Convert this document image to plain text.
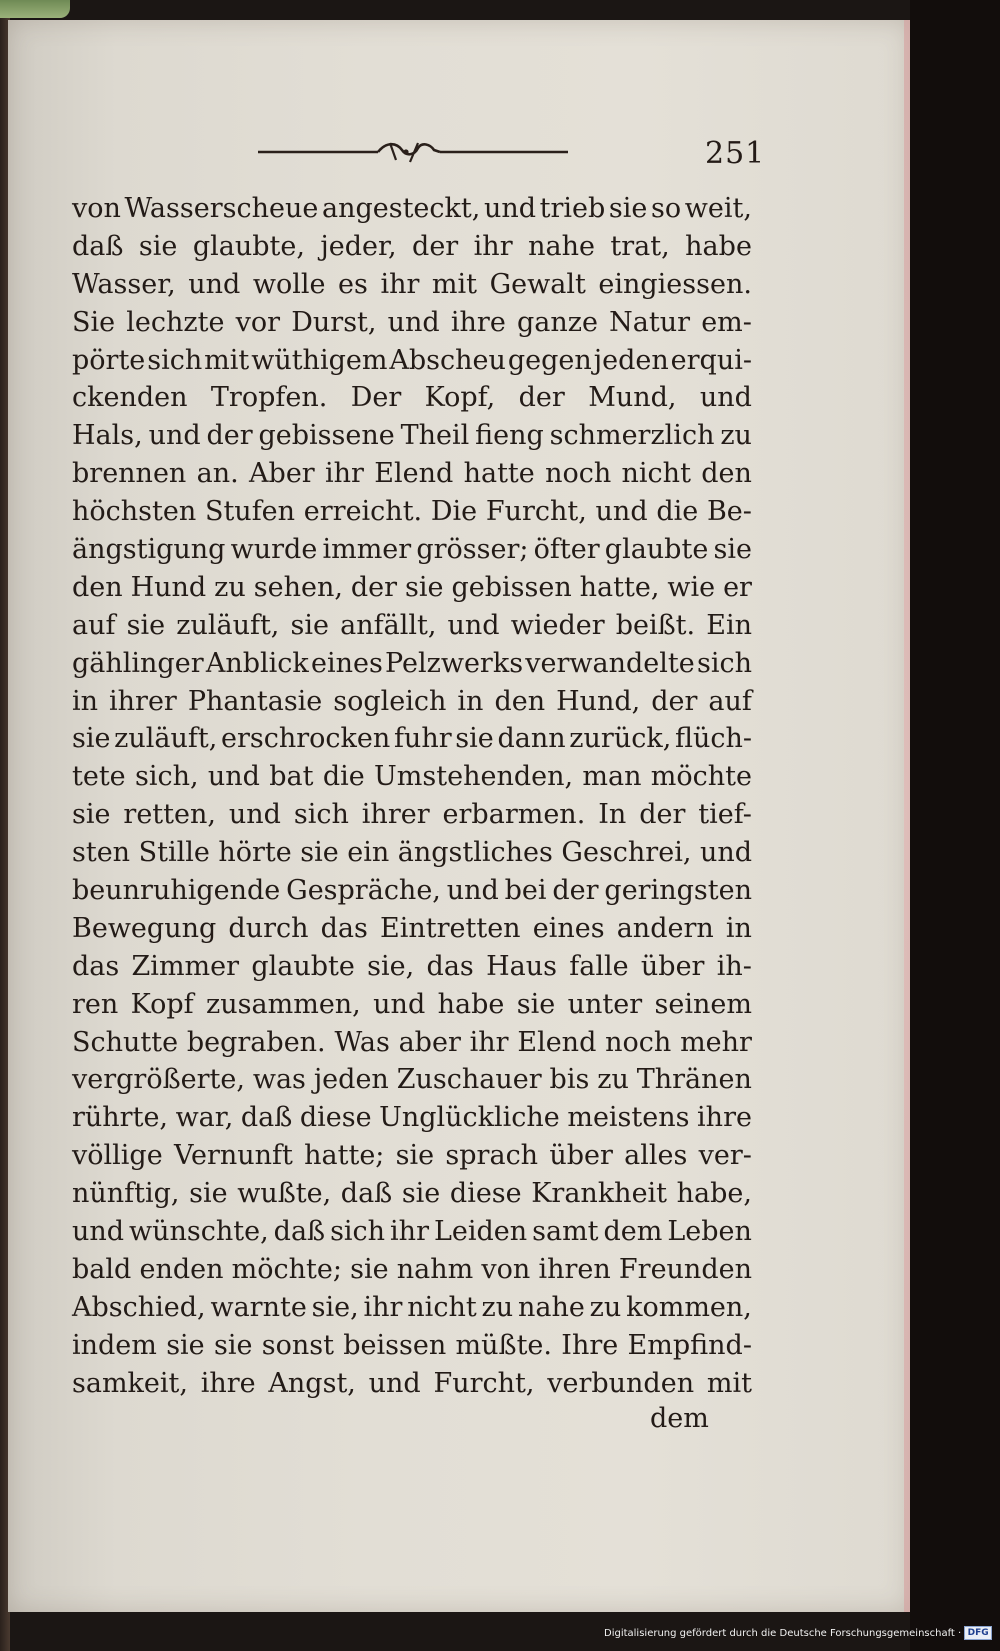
251
von Wasserscheue angesteckt, und trieb sie so weit,
daß sie glaubte, jeder, der ihr nahe trat, habe
Wasser, und wolle es ihr mit Gewalt eingiessen.
Sie lechzte vor Durst, und ihre ganze Natur em-
pörte sich mit wüthigem Abscheu gegen jeden erqui-
ckenden Tropfen. Der Kopf, der Mund, und
Hals, und der gebissene Theil fieng schmerzlich zu
brennen an. Aber ihr Elend hatte noch nicht den
höchsten Stufen erreicht. Die Furcht, und die Be-
ängstigung wurde immer grösser; öfter glaubte sie
den Hund zu sehen, der sie gebissen hatte, wie er
auf sie zuläuft, sie anfällt, und wieder beißt. Ein
gählinger Anblick eines Pelzwerks verwandelte sich
in ihrer Phantasie sogleich in den Hund, der auf
sie zuläuft, erschrocken fuhr sie dann zurück, flüch-
tete sich, und bat die Umstehenden, man möchte
sie retten, und sich ihrer erbarmen. In der tief-
sten Stille hörte sie ein ängstliches Geschrei, und
beunruhigende Gespräche, und bei der geringsten
Bewegung durch das Eintretten eines andern in
das Zimmer glaubte sie, das Haus falle über ih-
ren Kopf zusammen, und habe sie unter seinem
Schutte begraben. Was aber ihr Elend noch mehr
vergrößerte, was jeden Zuschauer bis zu Thränen
rührte, war, daß diese Unglückliche meistens ihre
völlige Vernunft hatte; sie sprach über alles ver-
nünftig, sie wußte, daß sie diese Krankheit habe,
und wünschte, daß sich ihr Leiden samt dem Leben
bald enden möchte; sie nahm von ihren Freunden
Abschied, warnte sie, ihr nicht zu nahe zu kommen,
indem sie sie sonst beissen müßte. Ihre Empfind-
samkeit, ihre Angst, und Furcht, verbunden mit
dem
Digitalisierung gefördert durch die Deutsche Forschungsgemeinschaft · DFG
